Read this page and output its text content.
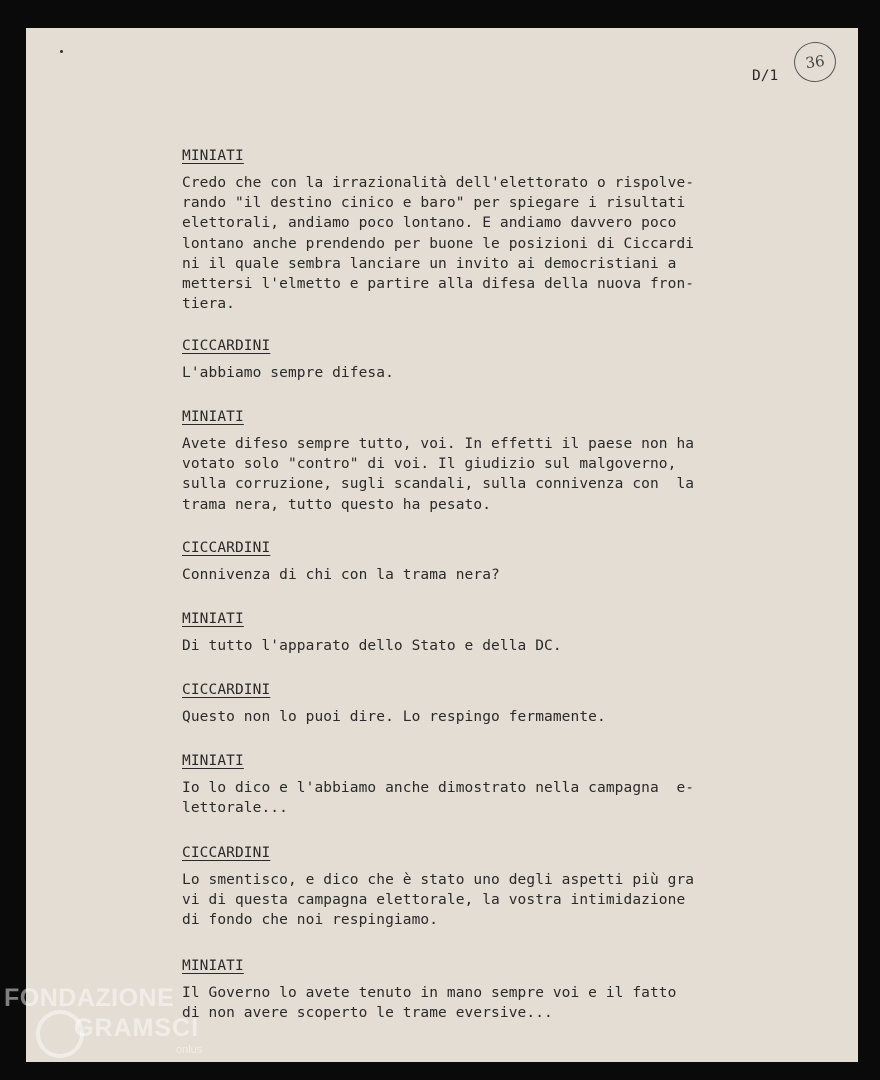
D/1
36
MINIATI
Credo che con la irrazionalità dell'elettorato o rispolve-
rando "il destino cinico e baro" per spiegare i risultati
elettorali, andiamo poco lontano. E andiamo davvero poco
lontano anche prendendo per buone le posizioni di Ciccardi
ni il quale sembra lanciare un invito ai democristiani a
mettersi l'elmetto e partire alla difesa della nuova fron-
tiera.
CICCARDINI
L'abbiamo sempre difesa.
MINIATI
Avete difeso sempre tutto, voi. In effetti il paese non ha
votato solo "contro" di voi. Il giudizio sul malgoverno,
sulla corruzione, sugli scandali, sulla connivenza con  la
trama nera, tutto questo ha pesato.
CICCARDINI
Connivenza di chi con la trama nera?
MINIATI
Di tutto l'apparato dello Stato e della DC.
CICCARDINI
Questo non lo puoi dire. Lo respingo fermamente.
MINIATI
Io lo dico e l'abbiamo anche dimostrato nella campagna  e-
lettorale...
CICCARDINI
Lo smentisco, e dico che è stato uno degli aspetti più gra
vi di questa campagna elettorale, la vostra intimidazione
di fondo che noi respingiamo.
MINIATI
Il Governo lo avete tenuto in mano sempre voi e il fatto
di non avere scoperto le trame eversive...
FONDAZIONE
GRAMSCI
onlus
